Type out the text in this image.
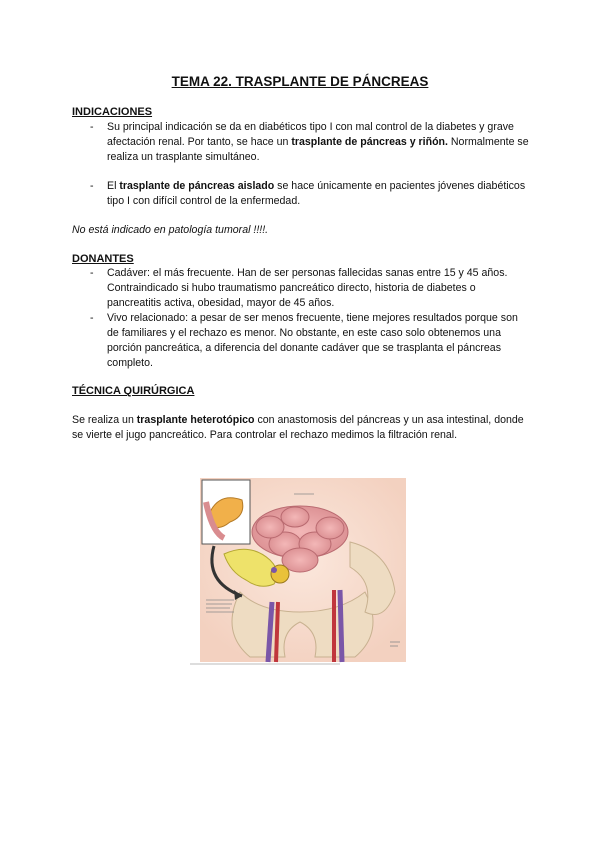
TEMA 22. TRASPLANTE DE PÁNCREAS
INDICACIONES
- Su principal indicación se da en diabéticos tipo I con mal control de la diabetes y grave afectación renal. Por tanto, se hace un trasplante de páncreas y riñón. Normalmente se realiza un trasplante simultáneo.
- El trasplante de páncreas aislado se hace únicamente en pacientes jóvenes diabéticos tipo I con difícil control de la enfermedad.
No está indicado en patología tumoral !!!!.
DONANTES
- Cadáver: el más frecuente. Han de ser personas fallecidas sanas entre 15 y 45 años. Contraindicado si hubo traumatismo pancreático directo, historia de diabetes o pancreatitis activa, obesidad, mayor de 45 años.
- Vivo relacionado: a pesar de ser menos frecuente, tiene mejores resultados porque son de familiares y el rechazo es menor. No obstante, en este caso solo obtenemos una porción pancreática, a diferencia del donante cadáver que se trasplanta el páncreas completo.
TÉCNICA QUIRÚRGICA
Se realiza un trasplante heterotópico con anastomosis del páncreas y un asa intestinal, donde se vierte el jugo pancreático. Para controlar el rechazo medimos la filtración renal.
